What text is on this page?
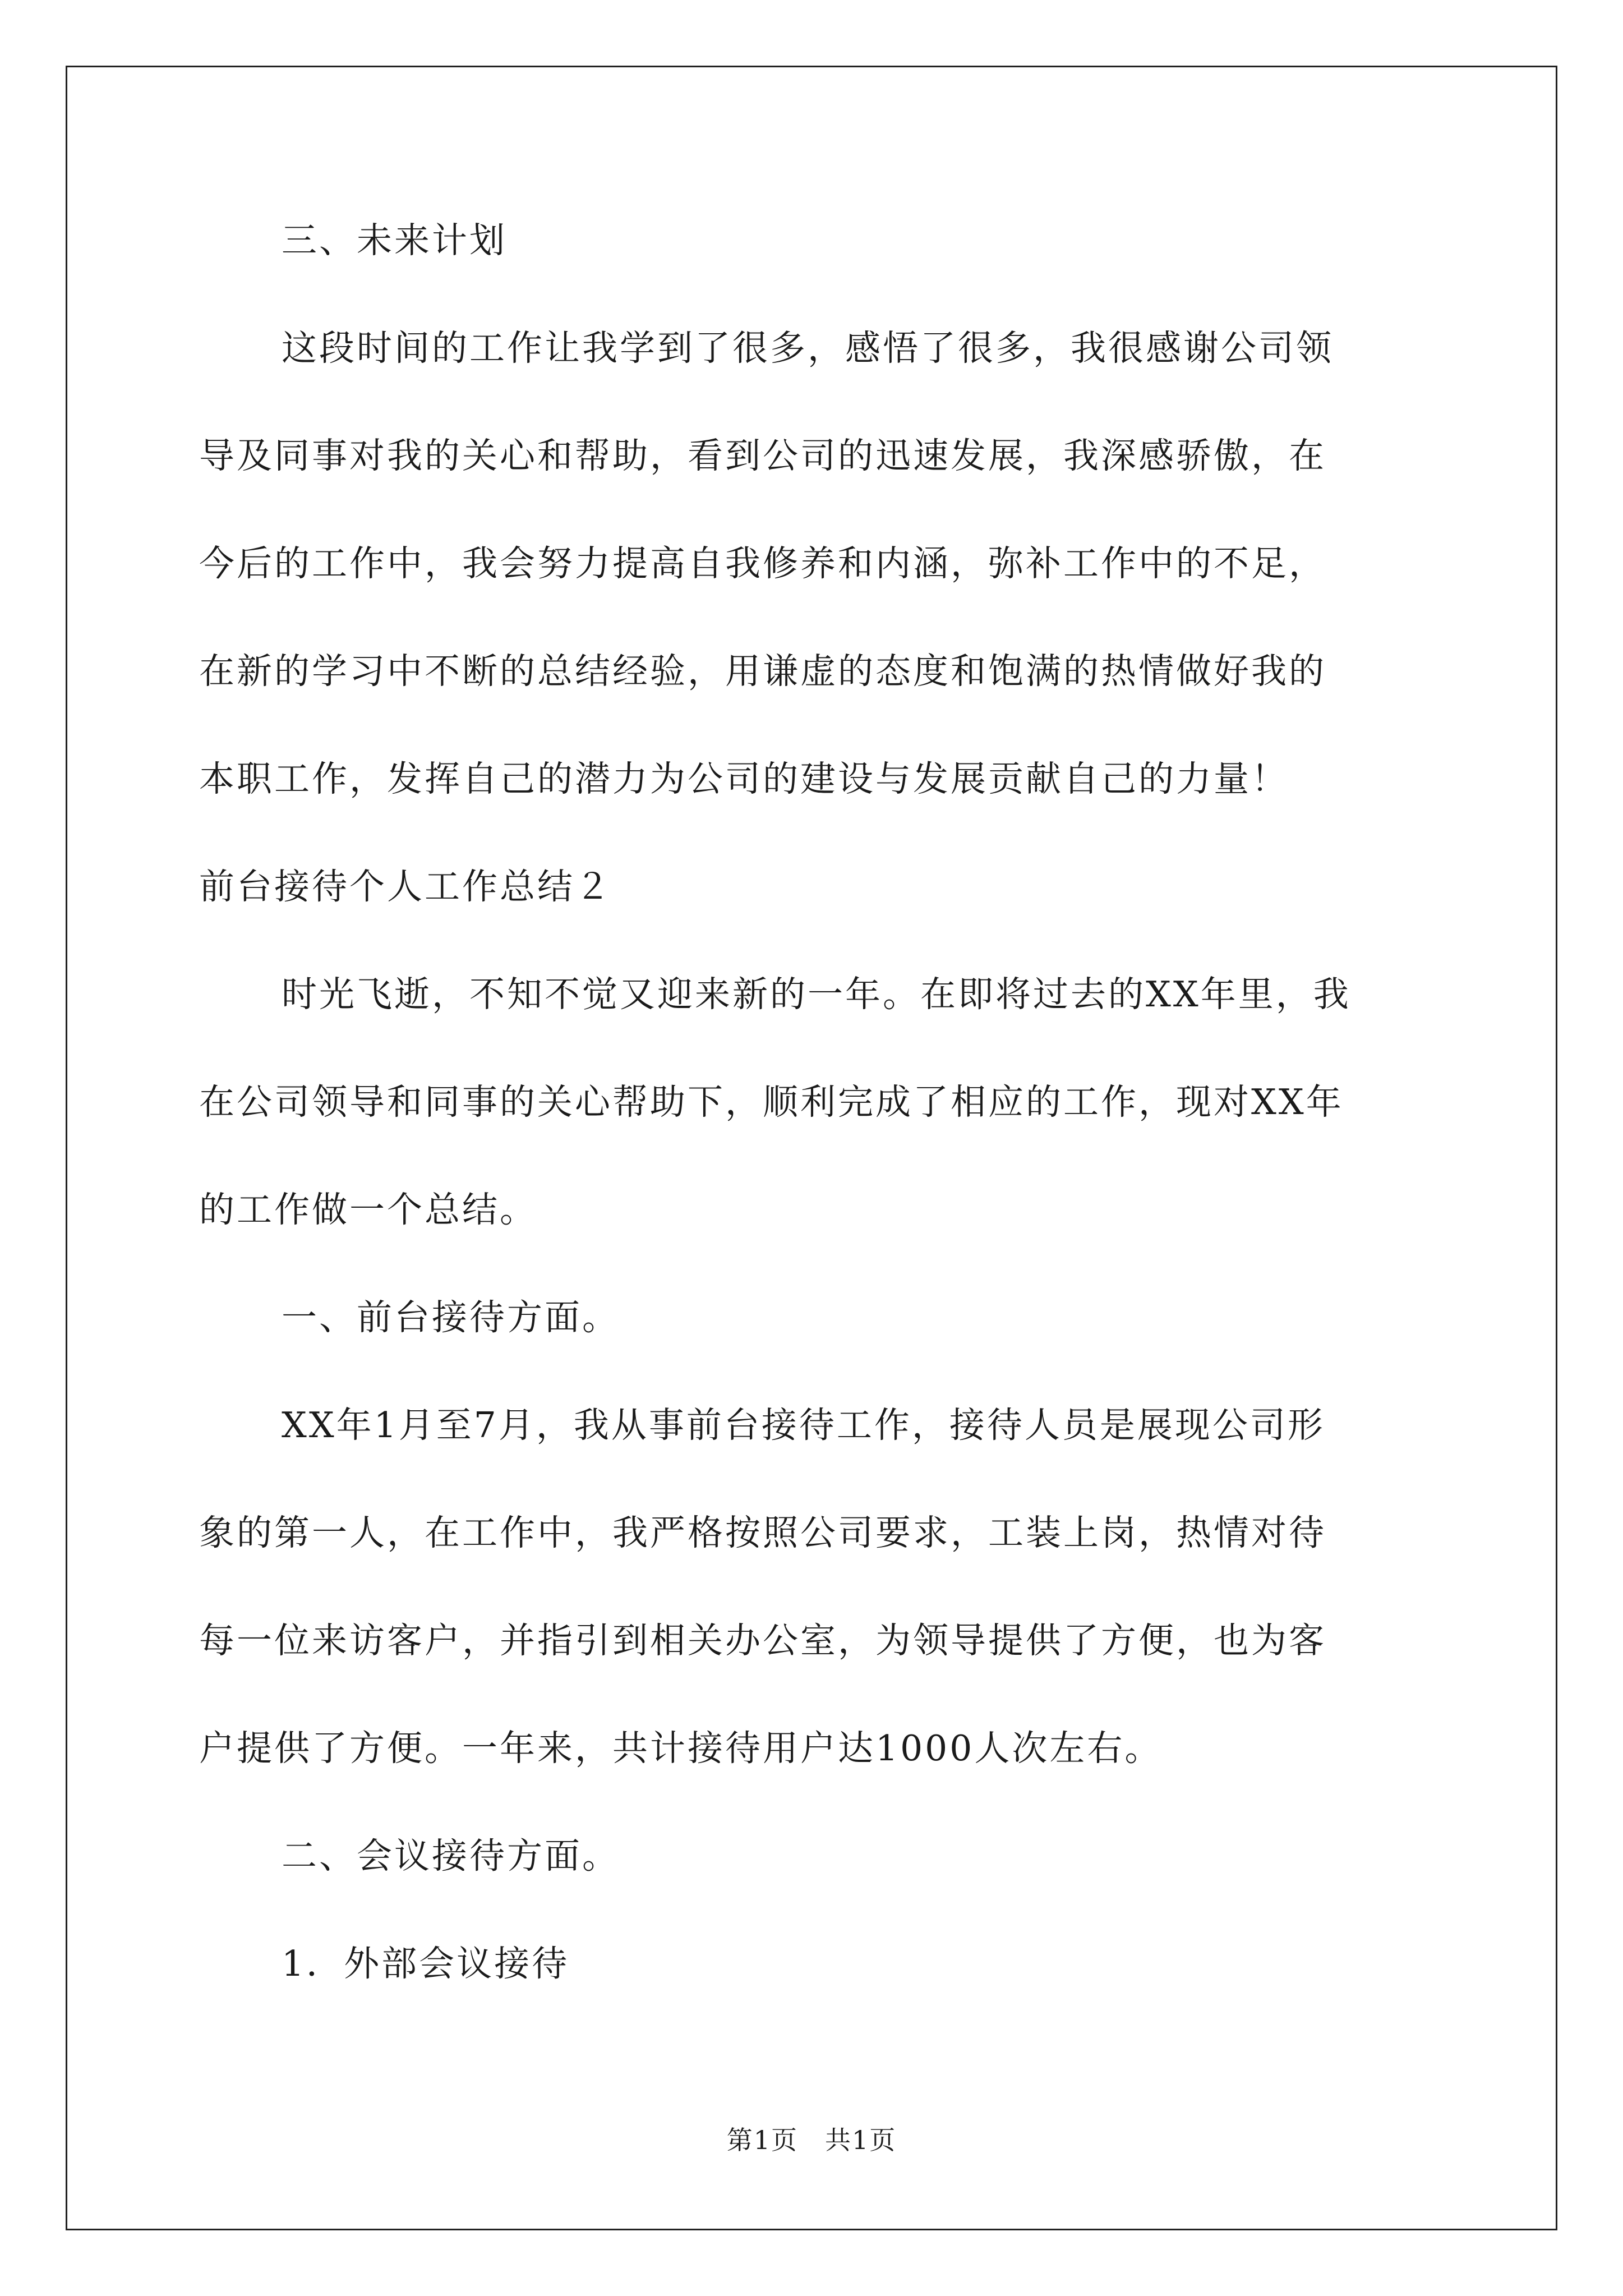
三、未来计划
这段时间的工作让我学到了很多，感悟了很多，我很感谢公司领
导及同事对我的关心和帮助，看到公司的迅速发展，我深感骄傲，在
今后的工作中，我会努力提高自我修养和内涵，弥补工作中的不足，
在新的学习中不断的总结经验，用谦虚的态度和饱满的热情做好我的
本职工作，发挥自己的潜力为公司的建设与发展贡献自己的力量！
前台接待个人工作总结２
时光飞逝，不知不觉又迎来新的一年。在即将过去的XX年里，我
在公司领导和同事的关心帮助下，顺利完成了相应的工作，现对XX年
的工作做一个总结。
一、前台接待方面。
XX年1月至7月，我从事前台接待工作，接待人员是展现公司形
象的第一人，在工作中，我严格按照公司要求，工装上岗，热情对待
每一位来访客户，并指引到相关办公室，为领导提供了方便，也为客
户提供了方便。一年来，共计接待用户达1000人次左右。
二、会议接待方面。
1．外部会议接待
第1页　共1页
